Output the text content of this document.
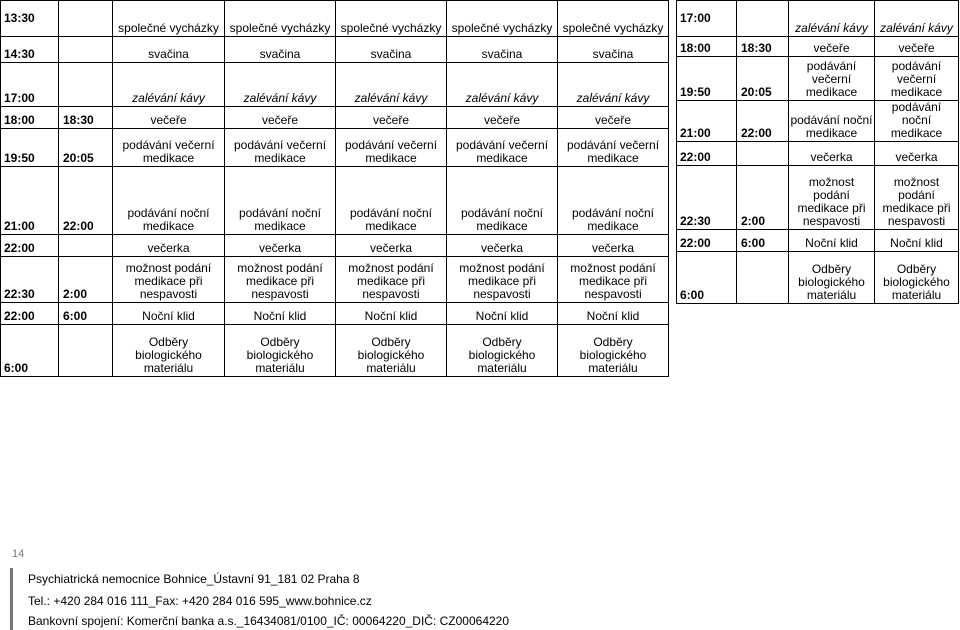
13:30		společné vycházky	společné vycházky	společné vycházky	společné vycházky	společné vycházky
14:30		svačina	svačina	svačina	svačina	svačina
17:00		zalévání kávy	zalévání kávy	zalévání kávy	zalévání kávy	zalévání kávy
18:00	18:30	večeře	večeře	večeře	večeře	večeře
19:50	20:05	podávání večerní medikace	podávání večerní medikace	podávání večerní medikace	podávání večerní medikace	podávání večerní medikace
21:00	22:00	podávání noční medikace	podávání noční medikace	podávání noční medikace	podávání noční medikace	podávání noční medikace
22:00		večerka	večerka	večerka	večerka	večerka
22:30	2:00	možnost podání medikace při nespavosti	možnost podání medikace při nespavosti	možnost podání medikace při nespavosti	možnost podání medikace při nespavosti	možnost podání medikace při nespavosti
22:00	6:00	Noční klid	Noční klid	Noční klid	Noční klid	Noční klid
6:00		Odběry biologického materiálu	Odběry biologického materiálu	Odběry biologického materiálu	Odběry biologického materiálu	Odběry biologického materiálu
17:00		zalévání kávy	zalévání kávy
18:00	18:30	večeře	večeře
19:50	20:05	podávání večerní medikace	podávání večerní medikace
21:00	22:00	podávání noční medikace	podávání noční medikace
22:00		večerka	večerka
22:30	2:00	možnost podání medikace při nespavosti	možnost podání medikace při nespavosti
22:00	6:00	Noční klid	Noční klid
6:00		Odběry biologického materiálu	Odběry biologického materiálu
14
Psychiatrická nemocnice Bohnice_Ústavní 91_181 02 Praha 8
Tel.: +420 284 016 111_Fax: +420 284 016 595_www.bohnice.cz
Bankovní spojení: Komerční banka a.s._16434081/0100_IČ: 00064220_DIČ: CZ00064220
